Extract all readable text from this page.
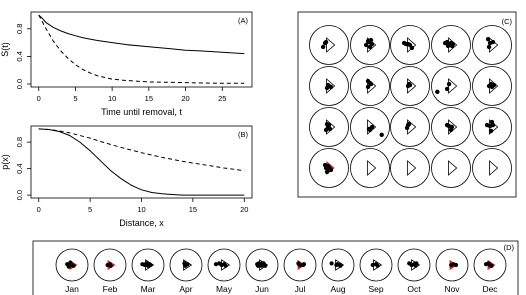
0	5	10	15	20	25
0.0
0.4
0.8
Time until removal, t
S(t)
(A)
0	5	10	15	20
0.0
0.4
0.8
Distance, x
p(x)
(B)
(C)
(D)
Jan	Feb	Mar	Apr	May	Jun	Jul	Aug	Sep	Oct	Nov	Dec
